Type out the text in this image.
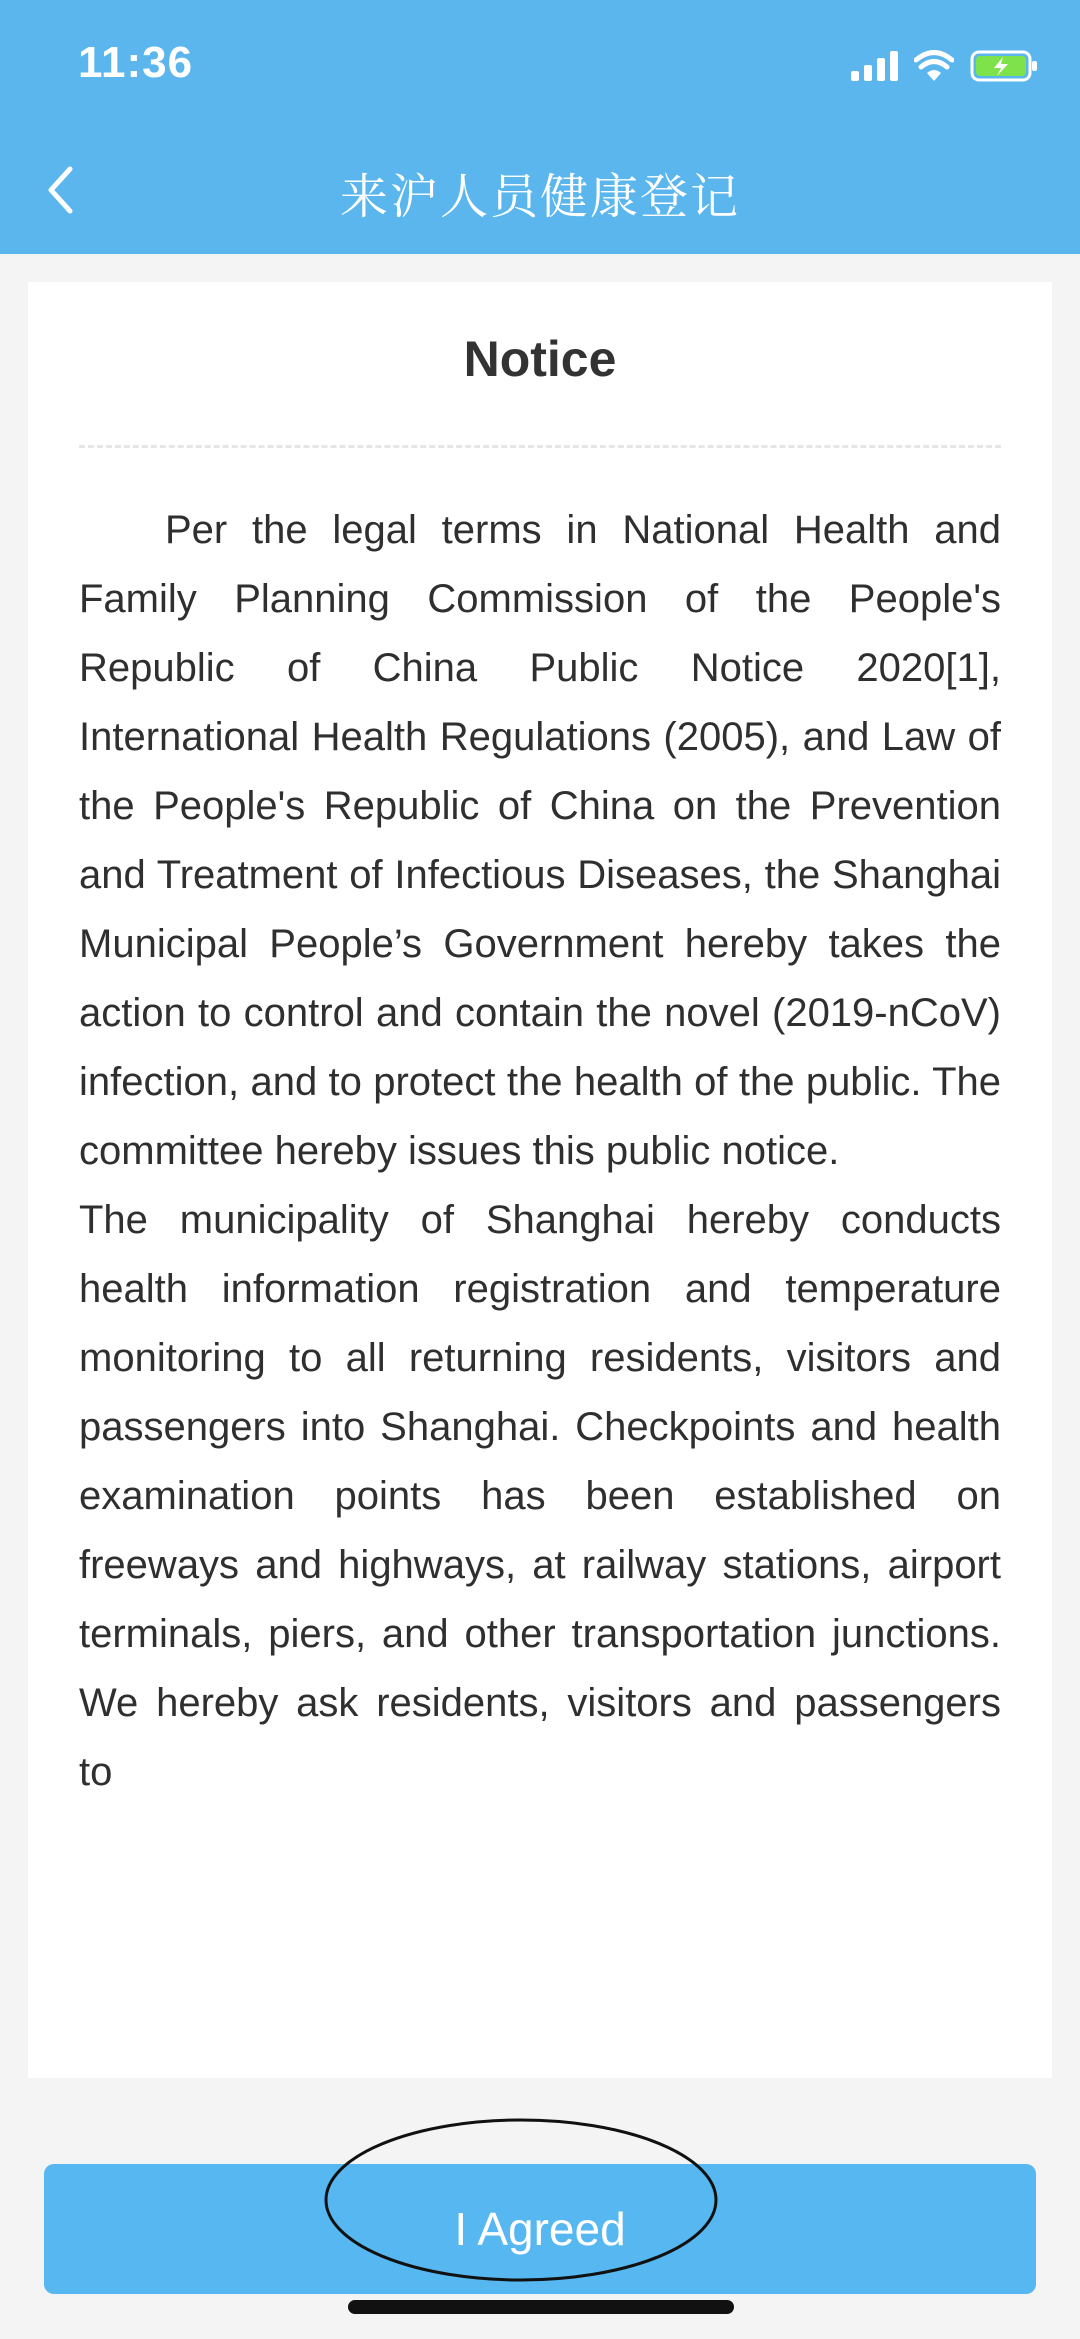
11:36
来沪人员健康登记
Notice

Per the legal terms in National Health and Family Planning Commission of the People's Republic of China Public Notice 2020[1], International Health Regulations (2005), and Law of the People's Republic of China on the Prevention and Treatment of Infectious Diseases, the Shanghai Municipal People’s Government hereby takes the action to control and contain the novel (2019-nCoV) infection, and to protect the health of the public. The committee hereby issues this public notice.

The municipality of Shanghai hereby conducts health information registration and temperature monitoring to all returning residents, visitors and passengers into Shanghai. Checkpoints and health examination points has been established on freeways and highways, at railway stations, airport terminals, piers, and other transportation junctions. We hereby ask residents, visitors and passengers to

I Agreed
